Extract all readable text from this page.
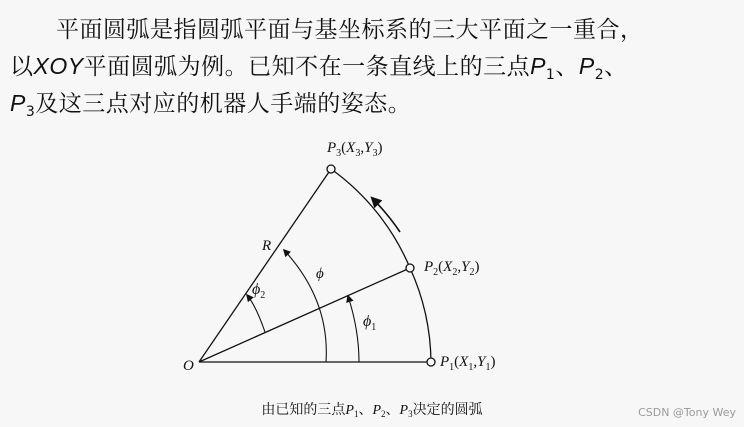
平面圆弧是指圆弧平面与基坐标系的三大平面之一重合，
以XOY平面圆弧为例。已知不在一条直线上的三点$P_1$、$P_2$、
$P_3$及这三点对应的机器人手端的姿态。
$P_3(X_3,Y_3)$
$P_2(X_2,Y_2)$
$P_1(X_1,Y_1)$
O
R
ϕ
$\phi_1$
$\phi_2$
由已知的三点$P_1$、$P_2$、$P_3$决定的圆弧	CSDN @Tony Wey
